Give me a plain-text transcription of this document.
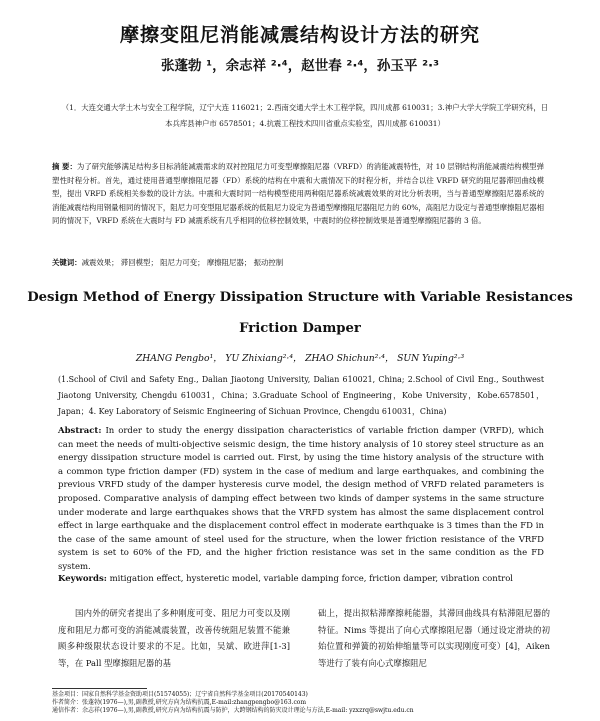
摩擦变阻尼消能减震结构设计方法的研究
张蓬勃 ¹，余志祥 ²·⁴，赵世春 ²·⁴，孙玉平 ²·³
（1．大连交通大学土木与安全工程学院，辽宁大连 116021；2.西南交通大学土木工程学院，四川成都 610031；3.神户大学大学院工学研究科，日本兵库县神户市 6578501；4.抗震工程技术四川省重点实验室，四川成都 610031）
摘 要：为了研究能够满足结构多目标消能减震需求的双衬控阻尼力可变型摩擦阻尼器（VRFD）的消能减震特性，对 10 层钢结构消能减震结构模型弹塑性时程分析。首先，通过使用普通型摩擦阻尼器（FD）系统的结构在中震和大震情况下的时程分析，并结合以往 VRFD 研究的阻尼器滞回曲线模型，提出 VRFD 系统相关参数的设计方法。中震和大震时同一结构模型使用两种阻尼器系统减震效果的对比分析表明，当与普通型摩擦阻尼器系统的消能减震结构用钢量相同的情况下，阻尼力可变型阻尼器系统的低阻尼力设定为普通型摩擦阻尼器阻尼力的 60%，高阻尼力设定与普通型摩擦阻尼器相同的情况下，VRFD 系统在大震时与 FD 减震系统有几乎相同的位移控制效果，中震时的位移控制效果是普通型摩擦阻尼器的 3 倍。
关键词：减震效果； 滞回模型； 阻尼力可变； 摩擦阻尼器； 振动控制
Design Method of Energy Dissipation Structure with Variable Resistances
Friction Damper
ZHANG Pengbo¹， YU Zhixiang²·⁴， ZHAO Shichun²·⁴， SUN Yuping²·³
(1.School of Civil and Safety Eng., Dalian Jiaotong University, Dalian 610021, China; 2.School of Civil Eng., Southwest Jiaotong University, Chengdu 610031，China；3.Graduate School of Engineering，Kobe University，Kobe.6578501，Japan；4. Key Laboratory of Seismic Engineering of Sichuan Province, Chengdu 610031，China)
Abstract: In order to study the energy dissipation characteristics of variable friction damper (VRFD), which can meet the needs of multi-objective seismic design, the time history analysis of 10 storey steel structure as an energy dissipation structure model is carried out. First, by using the time history analysis of the structure with a common type friction damper (FD) system in the case of medium and large earthquakes, and combining the previous VRFD study of the damper hysteresis curve model, the design method of VRFD related parameters is proposed. Comparative analysis of damping effect between two kinds of damper systems in the same structure under moderate and large earthquakes shows that the VRFD system has almost the same displacement control effect in large earthquake and the displacement control effect in moderate earthquake is 3 times than the FD in the case of the same amount of steel used for the structure, when the lower friction resistance of the VRFD system is set to 60% of the FD, and the higher friction resistance was set in the same condition as the FD system.
Keywords: mitigation effect, hysteretic model, variable damping force, friction damper, vibration control
国内外的研究者提出了多种刚度可变、阻尼力可变以及刚度和阻尼力都可变的消能减震装置，改善传统阻尼装置不能兼顾多种级限状态设计要求的不足。比如，吴斌、欧进萍[1-3]等，在 Pall 型摩擦阻尼器的基
础上，提出拟粘滞摩擦耗能器，其滞回曲线具有粘滞阻尼器的特征。Nims 等提出了向心式摩擦阻尼器（通过设定滑块的初始位置和弹簧的初始伸缩量等可以实现刚度可变）[4]，Aiken 等进行了装有向心式摩擦阻尼
基金项目：国家自然科学基金资助项目(51574055)；辽宁省自然科学基金项目(20170540143)
作者简介：张蓬勃(1976—),男,副教授,研究方向为结构抗震,E-mail:zhangpengbo@163.com
通信作者：余志祥(1976—),男,副教授,研究方向为结构抗震与防护，大跨钢结构的防灾设计理论与方法,E-mail: yzxzrq@swjtu.edu.cn
